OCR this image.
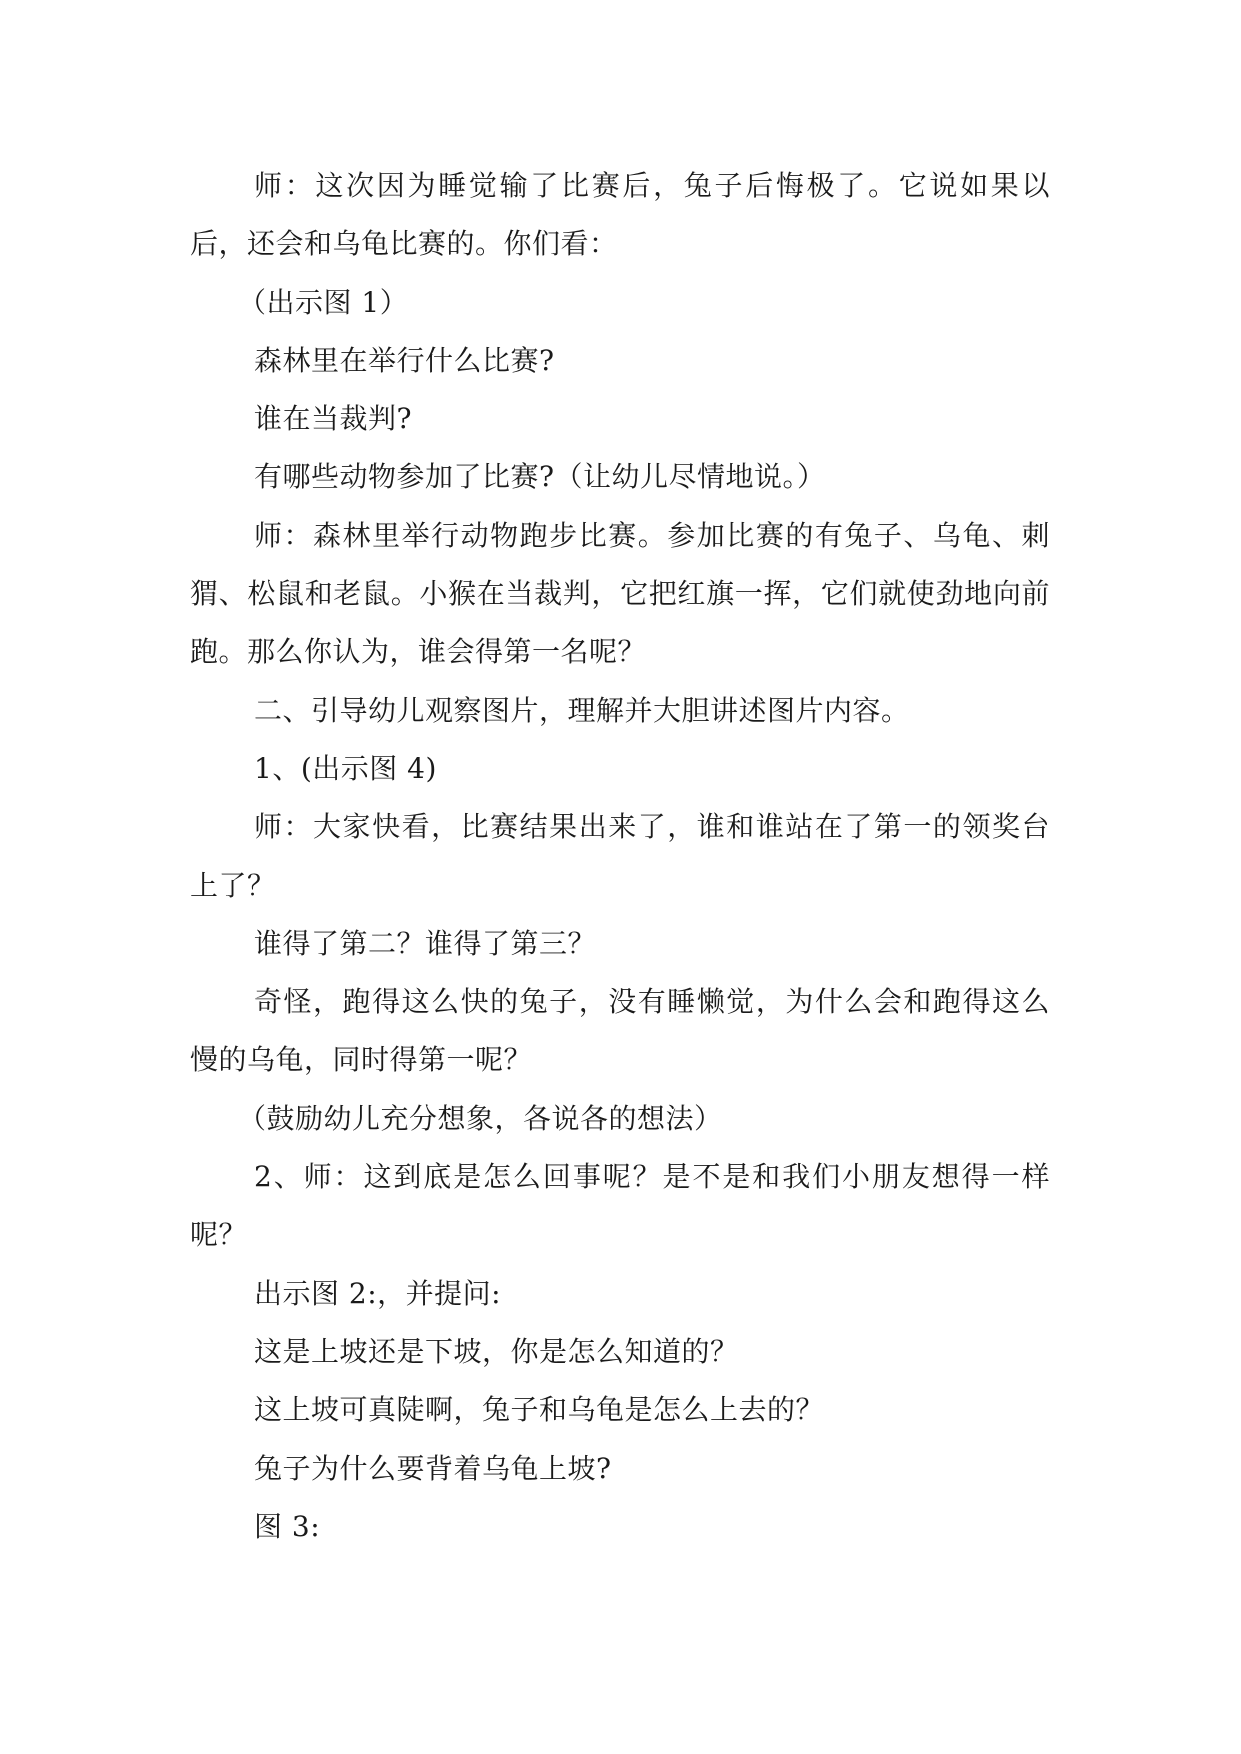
师：这次因为睡觉输了比赛后，兔子后悔极了。它说如果以后，还会和乌龟比赛的。你们看：

（出示图 1）

森林里在举行什么比赛?

谁在当裁判?

有哪些动物参加了比赛?（让幼儿尽情地说。）

师：森林里举行动物跑步比赛。参加比赛的有兔子、乌龟、刺猬、松鼠和老鼠。小猴在当裁判，它把红旗一挥，它们就使劲地向前跑。那么你认为，谁会得第一名呢？

二、引导幼儿观察图片，理解并大胆讲述图片内容。

1、(出示图 4)

师：大家快看，比赛结果出来了，谁和谁站在了第一的领奖台上了？

谁得了第二？谁得了第三？

奇怪，跑得这么快的兔子，没有睡懒觉，为什么会和跑得这么慢的乌龟，同时得第一呢？

（鼓励幼儿充分想象，各说各的想法）

2、师：这到底是怎么回事呢？是不是和我们小朋友想得一样呢？

出示图 2:，并提问:

这是上坡还是下坡，你是怎么知道的？

这上坡可真陡啊，兔子和乌龟是怎么上去的？

兔子为什么要背着乌龟上坡?

图 3:
